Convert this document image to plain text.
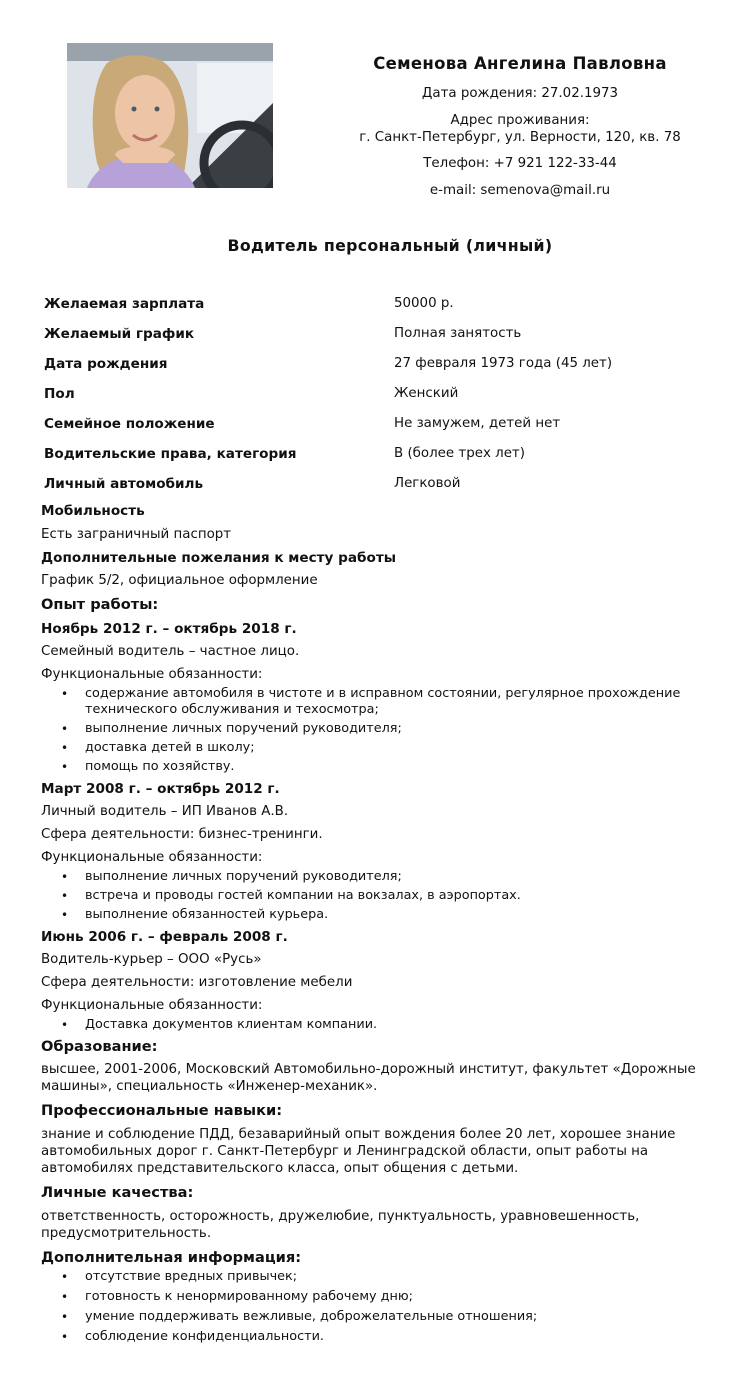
Семенова Ангелина Павловна
Дата рождения: 27.02.1973
Адрес проживания:
г. Санкт-Петербург, ул. Верности, 120, кв. 78
Телефон: +7 921 122-33-44
e-mail: semenova@mail.ru
Водитель персональный (личный)
Желаемая зарплата	50000 р.
Желаемый график	Полная занятость
Дата рождения	27 февраля 1973 года (45 лет)
Пол	Женский
Семейное положение	Не замужем, детей нет
Водительские права, категория	B (более трех лет)
Личный автомобиль	Легковой
Мобильность
Есть заграничный паспорт
Дополнительные пожелания к месту работы
График 5/2, официальное оформление
Опыт работы:
Ноябрь 2012 г. – октябрь 2018 г.
Семейный водитель – частное лицо.
Функциональные обязанности:
• содержание автомобиля в чистоте и в исправном состоянии, регулярное прохождение технического обслуживания и техосмотра;
• выполнение личных поручений руководителя;
• доставка детей в школу;
• помощь по хозяйству.
Март 2008 г. – октябрь 2012 г.
Личный водитель – ИП Иванов А.В.
Сфера деятельности: бизнес-тренинги.
Функциональные обязанности:
• выполнение личных поручений руководителя;
• встреча и проводы гостей компании на вокзалах, в аэропортах.
• выполнение обязанностей курьера.
Июнь 2006 г. – февраль 2008 г.
Водитель-курьер – ООО «Русь»
Сфера деятельности: изготовление мебели
Функциональные обязанности:
• Доставка документов клиентам компании.
Образование:
высшее, 2001-2006, Московский Автомобильно-дорожный институт, факультет «Дорожные машины», специальность «Инженер-механик».
Профессиональные навыки:
знание и соблюдение ПДД, безаварийный опыт вождения более 20 лет, хорошее знание автомобильных дорог г. Санкт-Петербург и Ленинградской области, опыт работы на автомобилях представительского класса, опыт общения с детьми.
Личные качества:
ответственность, осторожность, дружелюбие, пунктуальность, уравновешенность, предусмотрительность.
Дополнительная информация:
• отсутствие вредных привычек;
• готовность к ненормированному рабочему дню;
• умение поддерживать вежливые, доброжелательные отношения;
• соблюдение конфиденциальности.
